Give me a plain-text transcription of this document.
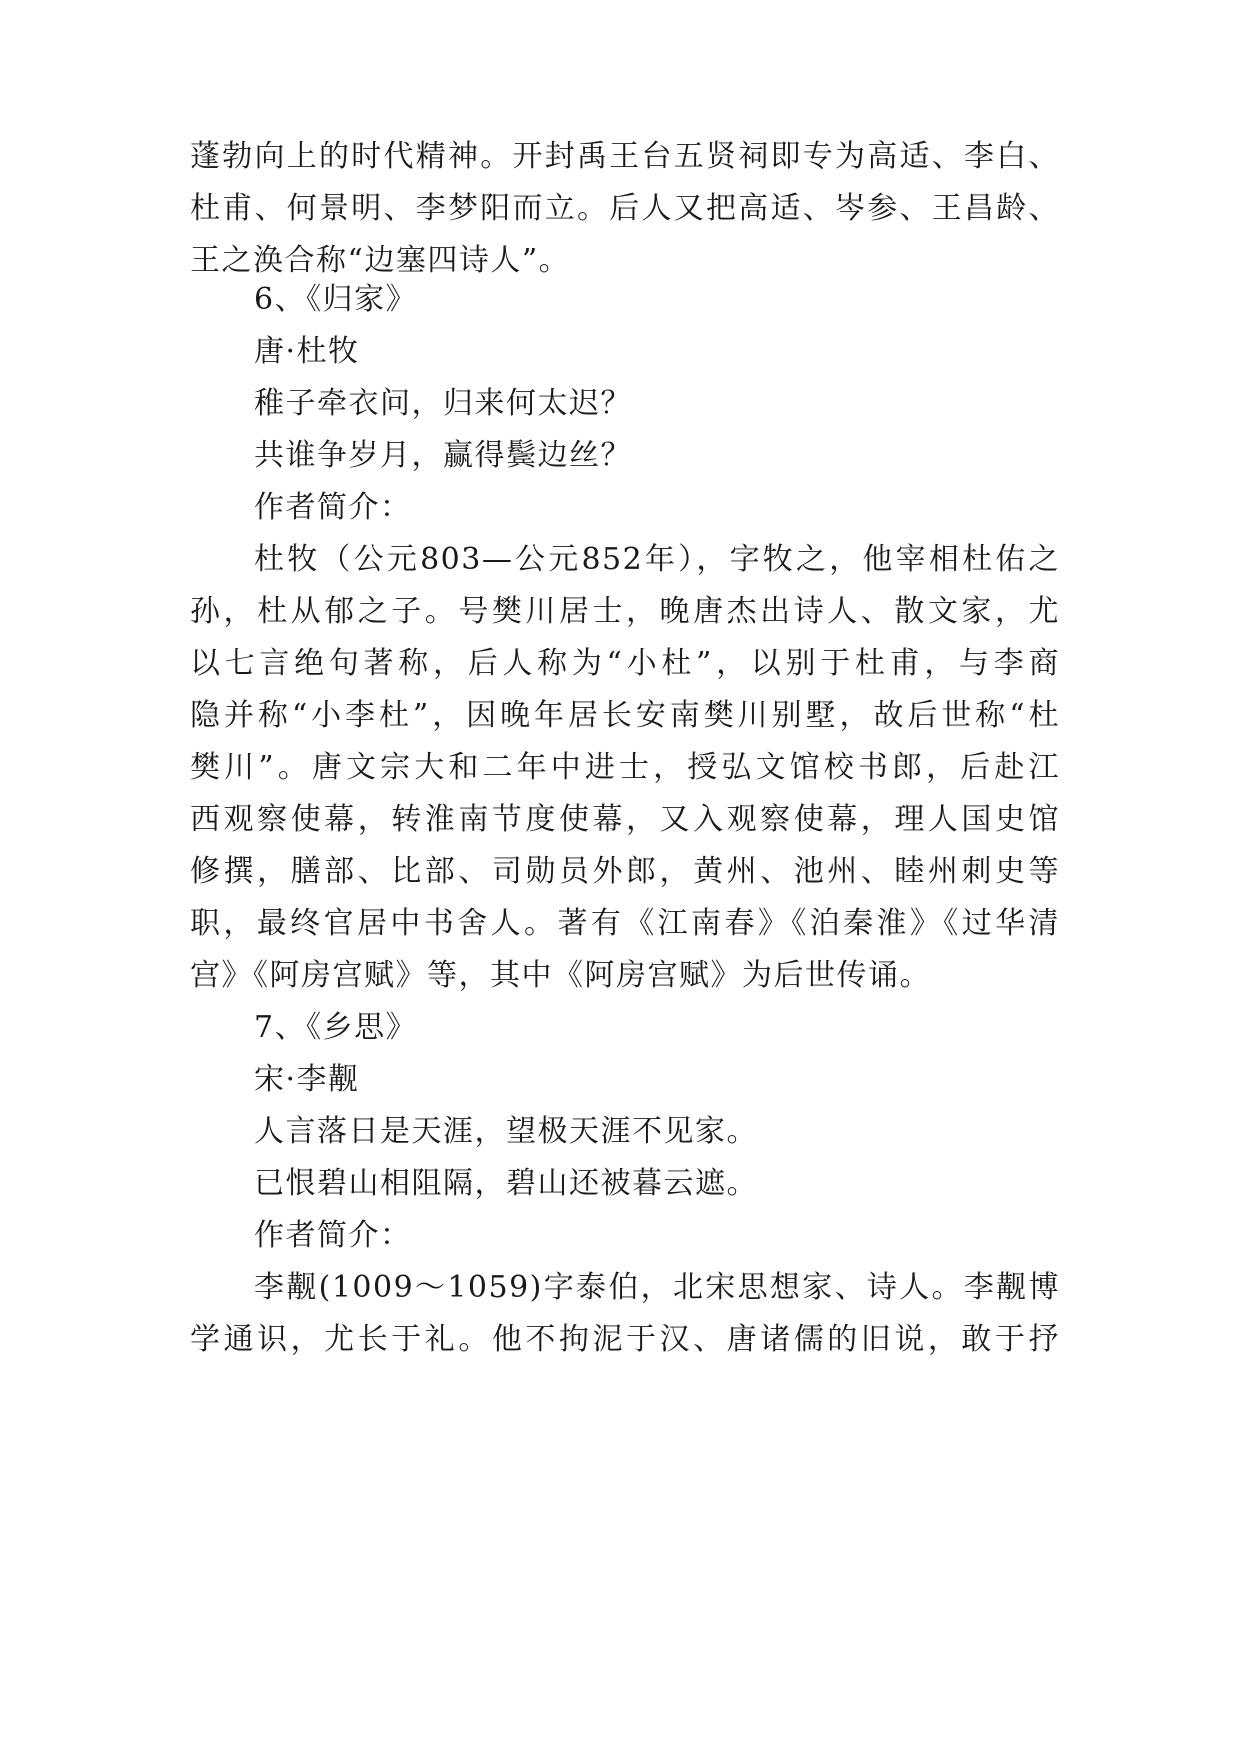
蓬勃向上的时代精神。开封禹王台五贤祠即专为高适、李白、
杜甫、何景明、李梦阳而立。后人又把高适、岑参、王昌龄、
王之涣合称“边塞四诗人”。
6、《归家》
唐·杜牧
稚子牵衣问，归来何太迟？
共谁争岁月，赢得鬓边丝？
作者简介：
杜牧（公元803—公元852年），字牧之，他宰相杜佑之
孙，杜从郁之子。号樊川居士，晚唐杰出诗人、散文家，尤
以七言绝句著称，后人称为“小杜”，以别于杜甫，与李商
隐并称“小李杜”，因晚年居长安南樊川别墅，故后世称“杜
樊川”。唐文宗大和二年中进士，授弘文馆校书郎，后赴江
西观察使幕，转淮南节度使幕，又入观察使幕，理人国史馆
修撰，膳部、比部、司勋员外郎，黄州、池州、睦州刺史等
职，最终官居中书舍人。著有《江南春》《泊秦淮》《过华清
宫》《阿房宫赋》等，其中《阿房宫赋》为后世传诵。
7、《乡思》
宋·李觏
人言落日是天涯，望极天涯不见家。
已恨碧山相阻隔，碧山还被暮云遮。
作者简介：
李觏(1009～1059)字泰伯，北宋思想家、诗人。李觏博
学通识，尤长于礼。他不拘泥于汉、唐诸儒的旧说，敢于抒
